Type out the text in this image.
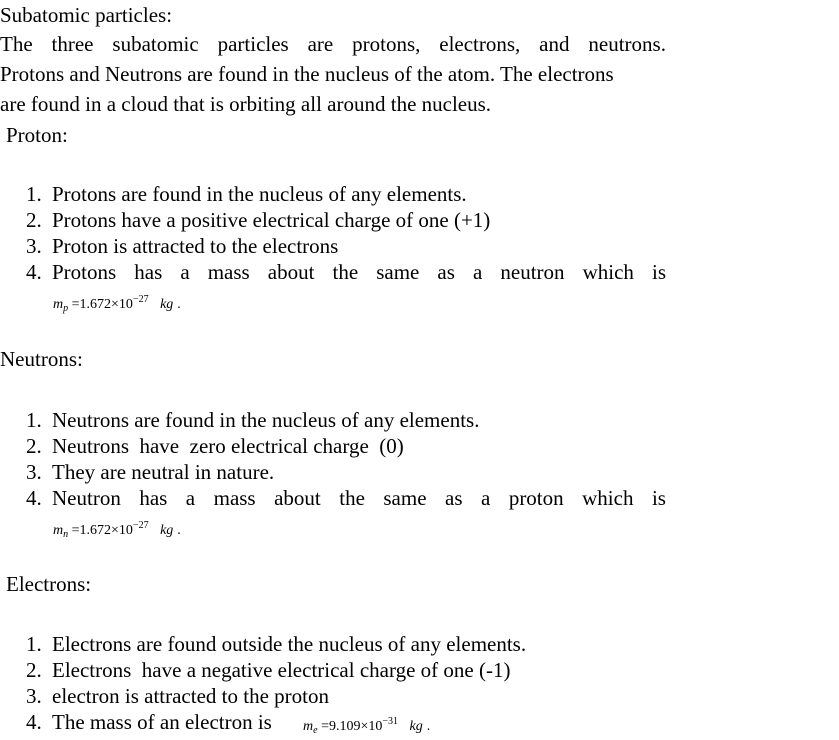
Subatomic particles:
The three subatomic particles are protons, electrons, and neutrons.
Protons and Neutrons are found in the nucleus of the atom. The electrons
are found in a cloud that is orbiting all around the nucleus.
Proton:
1. Protons are found in the nucleus of any elements.
2. Protons have a positive electrical charge of one (+1)
3. Proton is attracted to the electrons
4. Protons has a mass about the same as a neutron which is
$m_p =1.672\times 10^{-27}$ kg .
Neutrons:
1. Neutrons are found in the nucleus of any elements.
2. Neutrons  have  zero electrical charge  (0)
3. They are neutral in nature.
4. Neutron has a mass about the same as a proton which is
$m_n =1.672\times 10^{-27}$ kg .
Electrons:
1. Electrons are found outside the nucleus of any elements.
2. Electrons  have a negative electrical charge of one (-1)
3. electron is attracted to the proton
4. The mass of an electron is $m_e =9.109\times 10^{-31}$ kg .
